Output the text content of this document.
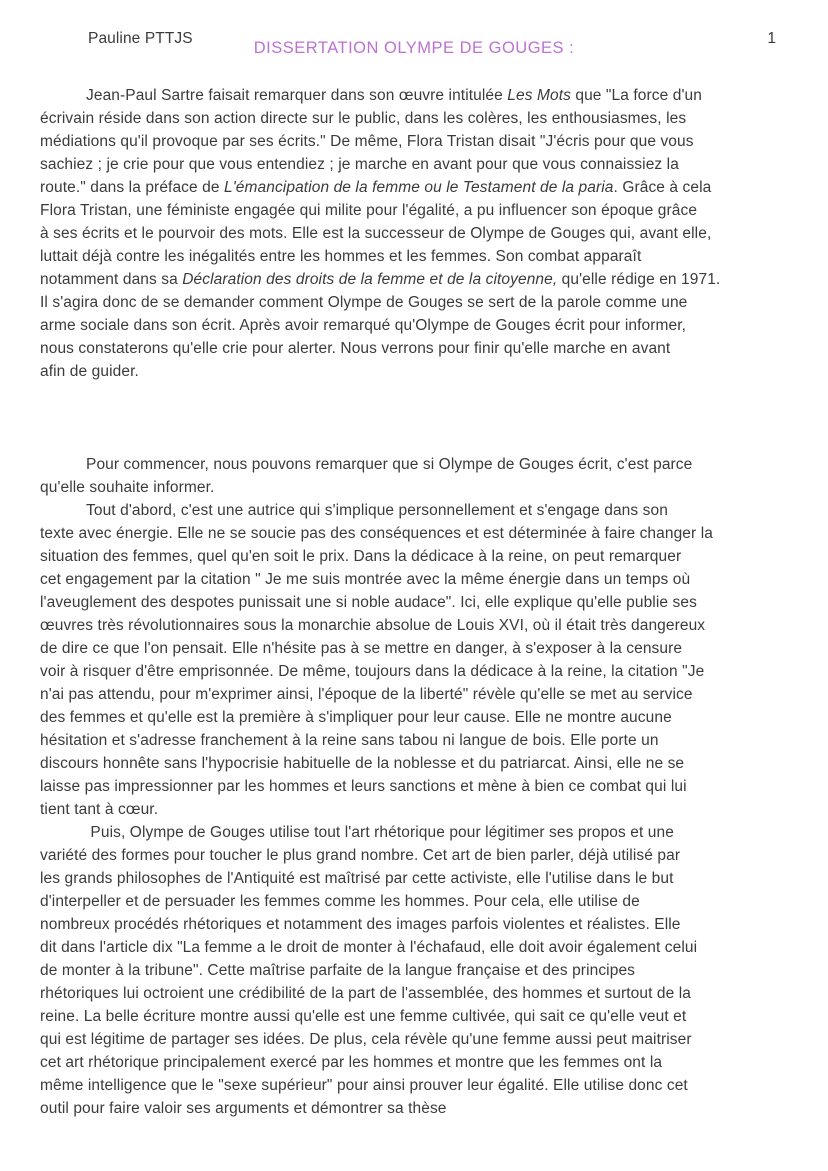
Pauline PTTJS
DISSERTATION OLYMPE DE GOUGES :
1
Jean-Paul Sartre faisait remarquer dans son œuvre intitulée Les Mots que "La force d'un
écrivain réside dans son action directe sur le public, dans les colères, les enthousiasmes, les
médiations qu'il provoque par ses écrits." De même, Flora Tristan disait "J'écris pour que vous
sachiez ; je crie pour que vous entendiez ; je marche en avant pour que vous connaissiez la
route." dans la préface de L'émancipation de la femme ou le Testament de la paria. Grâce à cela
Flora Tristan, une féministe engagée qui milite pour l'égalité, a pu influencer son époque grâce
à ses écrits et le pourvoir des mots. Elle est la successeur de Olympe de Gouges qui, avant elle,
luttait déjà contre les inégalités entre les hommes et les femmes. Son combat apparaît
notamment dans sa Déclaration des droits de la femme et de la citoyenne, qu'elle rédige en 1971.
Il s'agira donc de se demander comment Olympe de Gouges se sert de la parole comme une
arme sociale dans son écrit. Après avoir remarqué qu'Olympe de Gouges écrit pour informer,
nous constaterons qu'elle crie pour alerter. Nous verrons pour finir qu'elle marche en avant
afin de guider.
Pour commencer, nous pouvons remarquer que si Olympe de Gouges écrit, c'est parce
qu'elle souhaite informer.
Tout d'abord, c'est une autrice qui s'implique personnellement et s'engage dans son
texte avec énergie. Elle ne se soucie pas des conséquences et est déterminée à faire changer la
situation des femmes, quel qu'en soit le prix. Dans la dédicace à la reine, on peut remarquer
cet engagement par la citation " Je me suis montrée avec la même énergie dans un temps où
l'aveuglement des despotes punissait une si noble audace". Ici, elle explique qu'elle publie ses
œuvres très révolutionnaires sous la monarchie absolue de Louis XVI, où il était très dangereux
de dire ce que l'on pensait. Elle n'hésite pas à se mettre en danger, à s'exposer à la censure
voir à risquer d'être emprisonnée. De même, toujours dans la dédicace à la reine, la citation "Je
n'ai pas attendu, pour m'exprimer ainsi, l'époque de la liberté" révèle qu'elle se met au service
des femmes et qu'elle est la première à s'impliquer pour leur cause. Elle ne montre aucune
hésitation et s'adresse franchement à la reine sans tabou ni langue de bois. Elle porte un
discours honnête sans l'hypocrisie habituelle de la noblesse et du patriarcat. Ainsi, elle ne se
laisse pas impressionner par les hommes et leurs sanctions et mène à bien ce combat qui lui
tient tant à cœur.
Puis, Olympe de Gouges utilise tout l'art rhétorique pour légitimer ses propos et une
variété des formes pour toucher le plus grand nombre. Cet art de bien parler, déjà utilisé par
les grands philosophes de l'Antiquité est maîtrisé par cette activiste, elle l'utilise dans le but
d'interpeller et de persuader les femmes comme les hommes. Pour cela, elle utilise de
nombreux procédés rhétoriques et notamment des images parfois violentes et réalistes. Elle
dit dans l'article dix "La femme a le droit de monter à l'échafaud, elle doit avoir également celui
de monter à la tribune". Cette maîtrise parfaite de la langue française et des principes
rhétoriques lui octroient une crédibilité de la part de l'assemblée, des hommes et surtout de la
reine. La belle écriture montre aussi qu'elle est une femme cultivée, qui sait ce qu'elle veut et
qui est légitime de partager ses idées. De plus, cela révèle qu'une femme aussi peut maitriser
cet art rhétorique principalement exercé par les hommes et montre que les femmes ont la
même intelligence que le "sexe supérieur" pour ainsi prouver leur égalité. Elle utilise donc cet
outil pour faire valoir ses arguments et démontrer sa thèse
